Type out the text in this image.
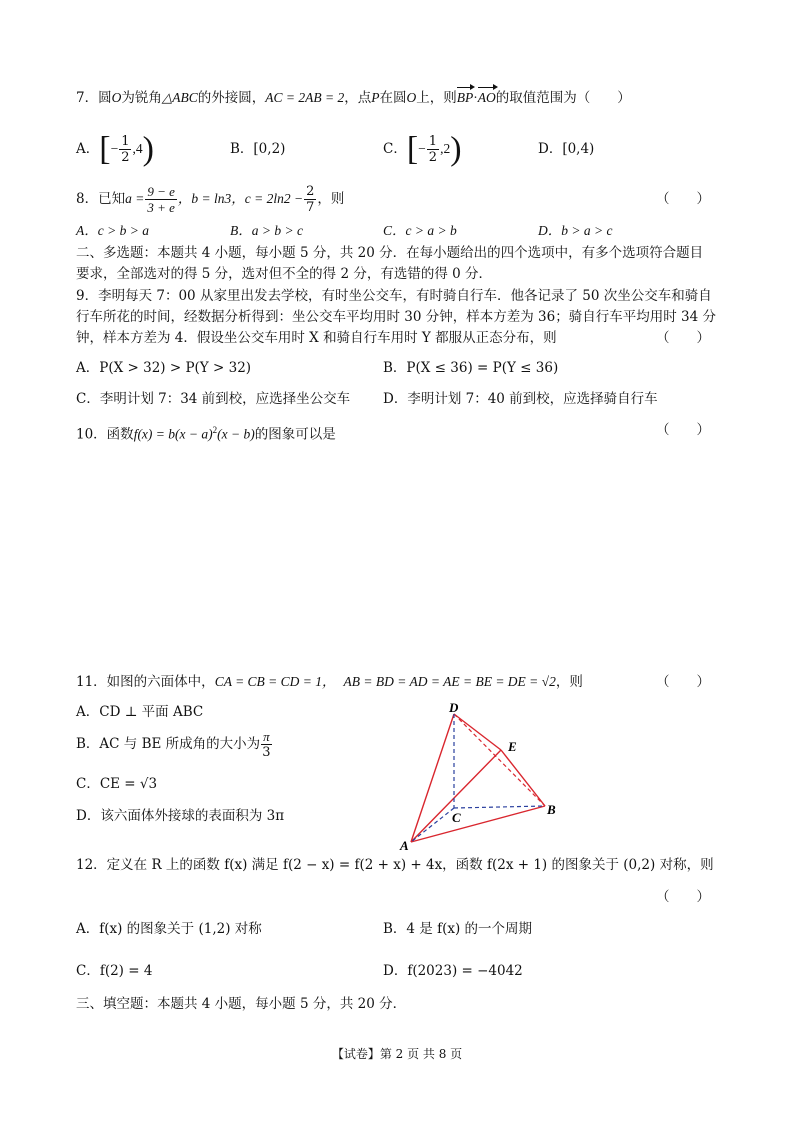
7．圆O为锐角△ABC的外接圆，AC = 2AB = 2，点P在圆O上，则BP·AO的取值范围为（　　）
A．[− $\frac{1}{2} ,4$)	B．[0,2)	C．[− $\frac{1}{2} ,2$)	D．[0,4)
8．已知$a = \frac{9 - e}{3 + e}$ ，b = ln3，$c = 2\ln 2 - \frac{2}{7}$ ，则	（　　）
A．c > b > a	B．a > b > c	C．c > a > b	D．b > a > c
二、多选题：本题共 4 小题，每小题 5 分，共 20 分．在每小题给出的四个选项中，有多个选项符合题目
要求，全部选对的得 5 分，选对但不全的得 2 分，有选错的得 0 分．
9．李明每天 7：00 从家里出发去学校，有时坐公交车，有时骑自行车．他各记录了 50 次坐公交车和骑自
行车所花的时间，经数据分析得到：坐公交车平均用时 30 分钟，样本方差为 36；骑自行车平均用时 34 分
钟，样本方差为 4．假设坐公交车用时 X 和骑自行车用时 Y 都服从正态分布，则	（　　）
A．P(X > 32) > P(Y > 32)	B．P(X ≤ 36) = P(Y ≤ 36)
C．李明计划 7：34 前到校，应选择坐公交车 D．李明计划 7：40 前到校，应选择骑自行车
10．函数$f(x) = b(x - a)^2(x - b)$的图象可以是	（　　）
11．如图的六面体中，CA = CB = CD = 1， AB = BD = AD = AE = BE = DE = √2，则	（　　）
A．CD ⊥ 平面 ABC
B．AC 与 BE 所成角的大小为 $\frac{\pi}{3}$
C．CE = √3
D．该六面体外接球的表面积为 3π
D
E
B
C
A
12．定义在 R 上的函数 f(x) 满足 f(2 − x) = f(2 + x) + 4x，函数 f(2x + 1) 的图象关于 (0,2) 对称，则
（　　）
A．f(x) 的图象关于 (1,2) 对称	B．4 是 f(x) 的一个周期
C．f(2) = 4	D．f(2023) = −4042
三、填空题：本题共 4 小题，每小题 5 分，共 20 分．
【试卷】第 2 页 共 8 页
